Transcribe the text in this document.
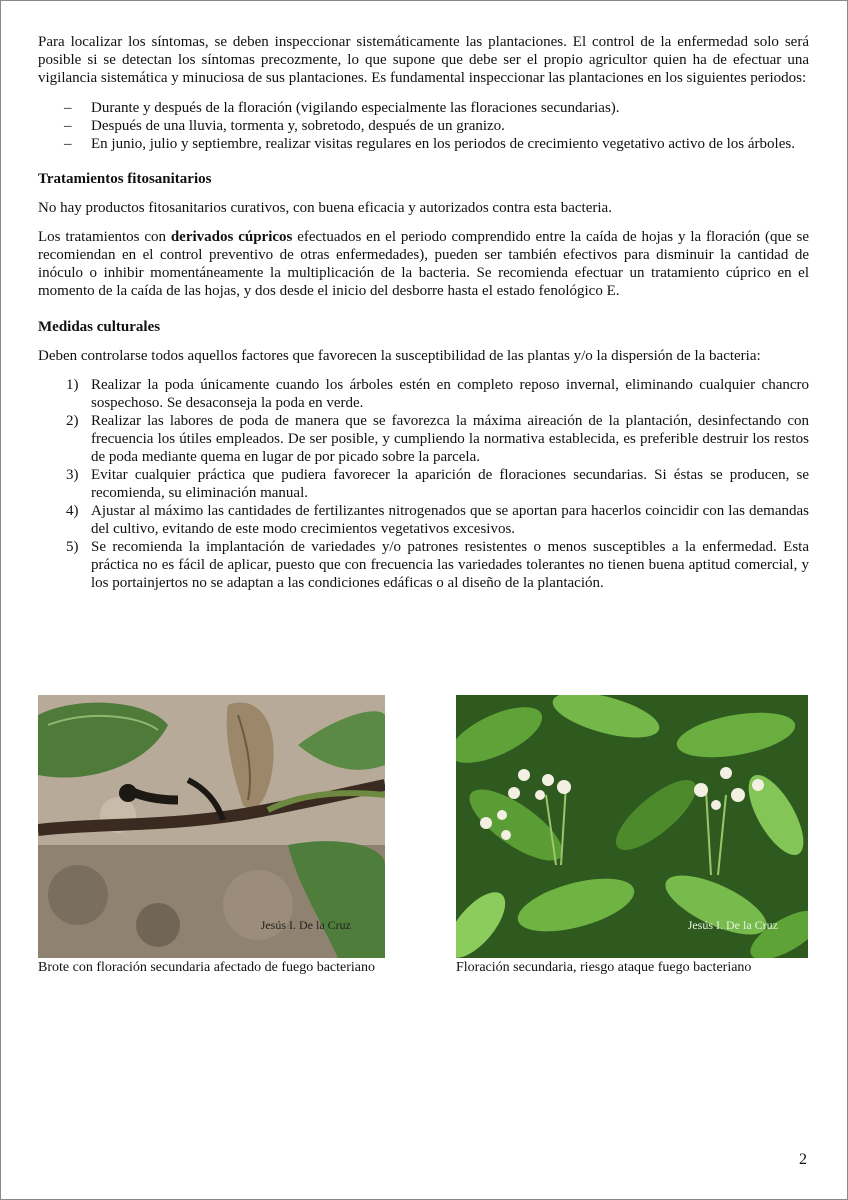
Para localizar los síntomas, se deben inspeccionar sistemáticamente las plantaciones. El control de la enfermedad solo será posible si se detectan los síntomas precozmente, lo que supone que debe ser el propio agricultor quien ha de efectuar una vigilancia sistemática y minuciosa de sus plantaciones. Es fundamental inspeccionar las plantaciones en los siguientes periodos:

– Durante y después de la floración (vigilando especialmente las floraciones secundarias).
– Después de una lluvia, tormenta y, sobretodo, después de un granizo.
– En junio, julio y septiembre, realizar visitas regulares en los periodos de crecimiento vegetativo activo de los árboles.
Tratamientos fitosanitarios

No hay productos fitosanitarios curativos, con buena eficacia y autorizados contra esta bacteria.

Los tratamientos con derivados cúpricos efectuados en el periodo comprendido entre la caída de hojas y la floración (que se recomiendan en el control preventivo de otras enfermedades), pueden ser también efectivos para disminuir la cantidad de inóculo o inhibir momentáneamente la multiplicación de la bacteria. Se recomienda efectuar un tratamiento cúprico en el momento de la caída de las hojas, y dos desde el inicio del desborre hasta el estado fenológico E.

Medidas culturales

Deben controlarse todos aquellos factores que favorecen la susceptibilidad de las plantas y/o la dispersión de la bacteria:

1) Realizar la poda únicamente cuando los árboles estén en completo reposo invernal, eliminando cualquier chancro sospechoso. Se desaconseja la poda en verde.
2) Realizar las labores de poda de manera que se favorezca la máxima aireación de la plantación, desinfectando con frecuencia los útiles empleados. De ser posible, y cumpliendo la normativa establecida, es preferible destruir los restos de poda mediante quema en lugar de por picado sobre la parcela.
3) Evitar cualquier práctica que pudiera favorecer la aparición de floraciones secundarias. Si éstas se producen, se recomienda, su eliminación manual.
4) Ajustar al máximo las cantidades de fertilizantes nitrogenados que se aportan para hacerlos coincidir con las demandas del cultivo, evitando de este modo crecimientos vegetativos excesivos.
5) Se recomienda la implantación de variedades y/o patrones resistentes o menos susceptibles a la enfermedad. Esta práctica no es fácil de aplicar, puesto que con frecuencia las variedades tolerantes no tienen buena aptitud comercial, y los portainjertos no se adaptan a las condiciones edáficas o al diseño de la plantación.
Jesús I. De la Cruz
Brote con floración secundaria afectado de fuego bacteriano
Jesús I. De la Cruz
Floración secundaria, riesgo ataque fuego bacteriano
2
